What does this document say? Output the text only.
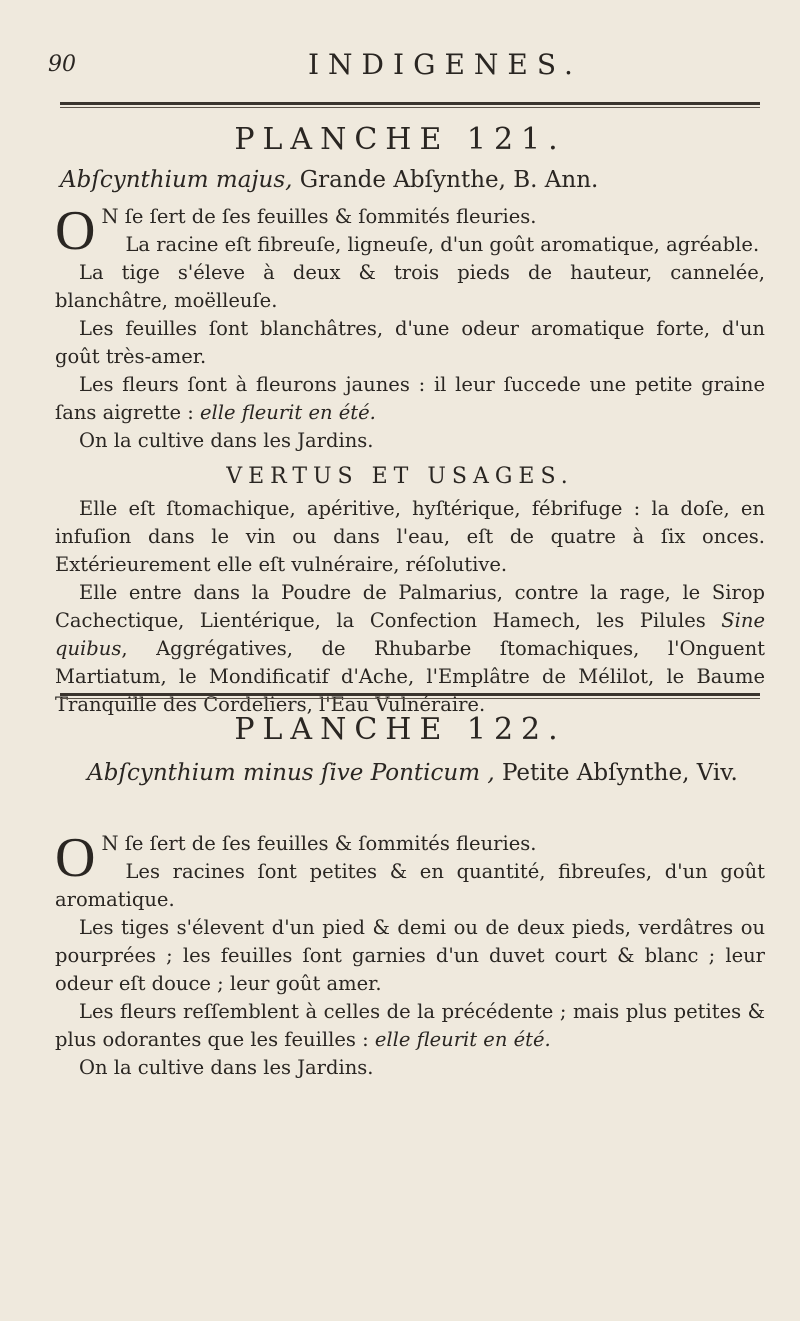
90	INDIGENES.
PLANCHE 121.
Abſcynthium majus, Grande Abſynthe, B. Ann.

O N ſe ſert de ſes feuilles & ſommités fleuries.

La racine eſt fibreuſe, ligneuſe, d'un goût aromatique, agréable.

La tige s'éleve à deux & trois pieds de hauteur, cannelée, blanchâtre, moëlleuſe.

Les feuilles ſont blanchâtres, d'une odeur aromatique forte, d'un goût très-amer.

Les fleurs ſont à fleurons jaunes : il leur ſuccede une petite graine ſans aigrette : elle fleurit en été.

On la cultive dans les Jardins.

VERTUS ET USAGES.

Elle eſt ſtomachique, apéritive, hyſtérique, fébrifuge : la doſe, en infuſion dans le vin ou dans l'eau, eſt de quatre à ſix onces. Extérieurement elle eſt vulnéraire, réſolutive.

Elle entre dans la Poudre de Palmarius, contre la rage, le Sirop Cachectique, Lientérique, la Confection Hamech, les Pilules Sine quibus, Aggrégatives, de Rhubarbe ſtomachiques, l'Onguent Martiatum, le Mondificatif d'Ache, l'Emplâtre de Mélilot, le Baume Tranquille des Cordeliers, l'Eau Vulnéraire.

PLANCHE 122.
Abſcynthium minus ſive Ponticum , Petite Abſynthe, Viv.

O N ſe ſert de ſes feuilles & ſommités fleuries.

Les racines ſont petites & en quantité, fibreuſes, d'un goût aromatique.

Les tiges s'élevent d'un pied & demi ou de deux pieds, verdâtres ou pourprées ; les feuilles ſont garnies d'un duvet court & blanc ; leur odeur eſt douce ; leur goût amer.

Les fleurs reſſemblent à celles de la précédente ; mais plus petites & plus odorantes que les feuilles : elle fleurit en été.

On la cultive dans les Jardins.
